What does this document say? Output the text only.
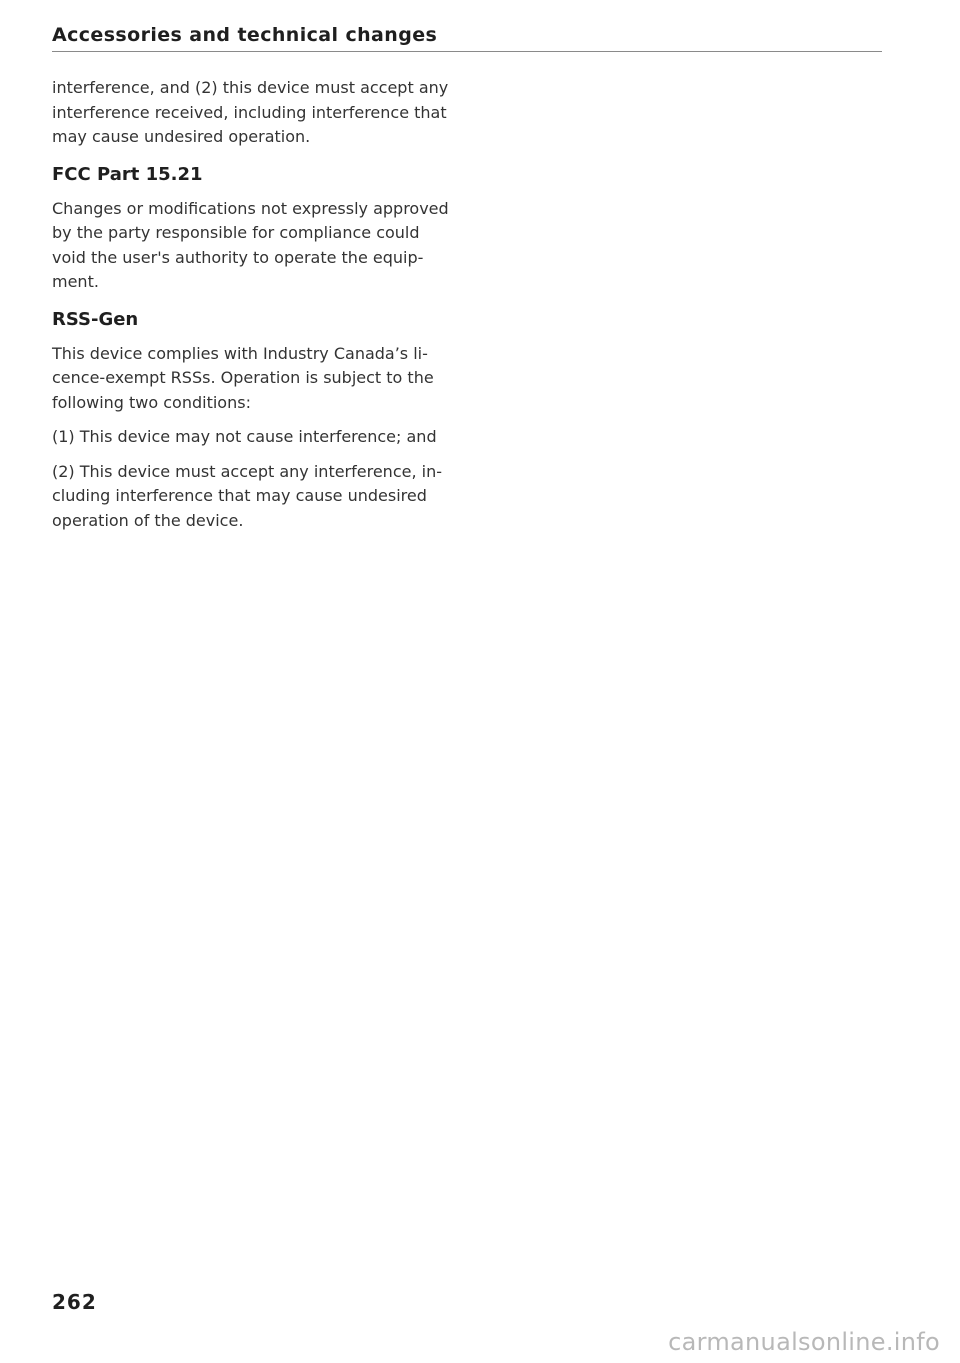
Accessories and technical changes

interference, and (2) this device must accept any
interference received, including interference that
may cause undesired operation.

FCC Part 15.21

Changes or modifications not expressly approved
by the party responsible for compliance could
void the user's authority to operate the equip-
ment.

RSS-Gen

This device complies with Industry Canada’s li-
cence-exempt RSSs. Operation is subject to the
following two conditions:

(1) This device may not cause interference; and

(2) This device must accept any interference, in-
cluding interference that may cause undesired
operation of the device.

262
carmanualsonline.info
